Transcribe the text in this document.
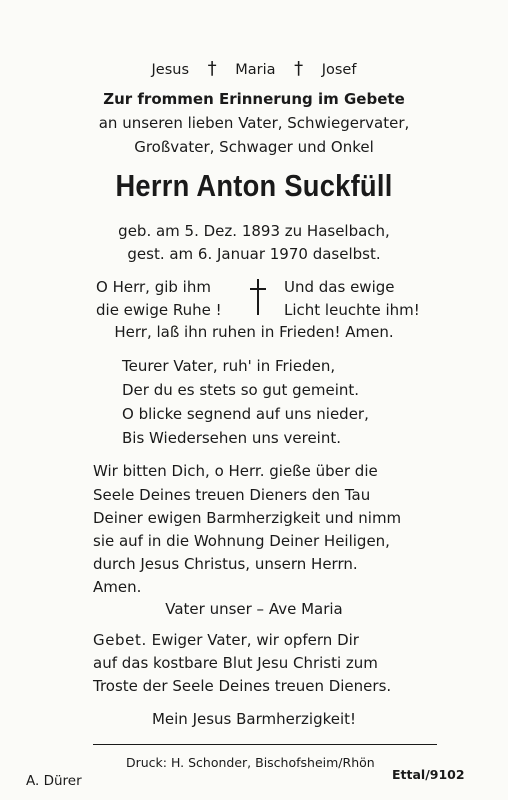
Jesus † Maria † Josef
Zur frommen Erinnerung im Gebete
an unseren lieben Vater, Schwiegervater,
Großvater, Schwager und Onkel
Herrn Anton Suckfüll
geb. am 5. Dez. 1893 zu Haselbach,
gest. am 6. Januar 1970 daselbst.
O Herr, gib ihm
die ewige Ruhe !
Und das ewige
Licht leuchte ihm!
Herr, laß ihn ruhen in Frieden! Amen.
Teurer Vater, ruh' in Frieden,
Der du es stets so gut gemeint.
O blicke segnend auf uns nieder,
Bis Wiedersehen uns vereint.
Wir bitten Dich, o Herr. gieße über die
Seele Deines treuen Dieners den Tau
Deiner ewigen Barmherzigkeit und nimm
sie auf in die Wohnung Deiner Heiligen,
durch Jesus Christus, unsern Herrn.
Amen.
Vater unser – Ave Maria
Gebet. Ewiger Vater, wir opfern Dir
auf das kostbare Blut Jesu Christi zum
Troste der Seele Deines treuen Dieners.
Mein Jesus Barmherzigkeit!
Druck: H. Schonder, Bischofsheim/Rhön
A. Dürer	Ettal/9102
